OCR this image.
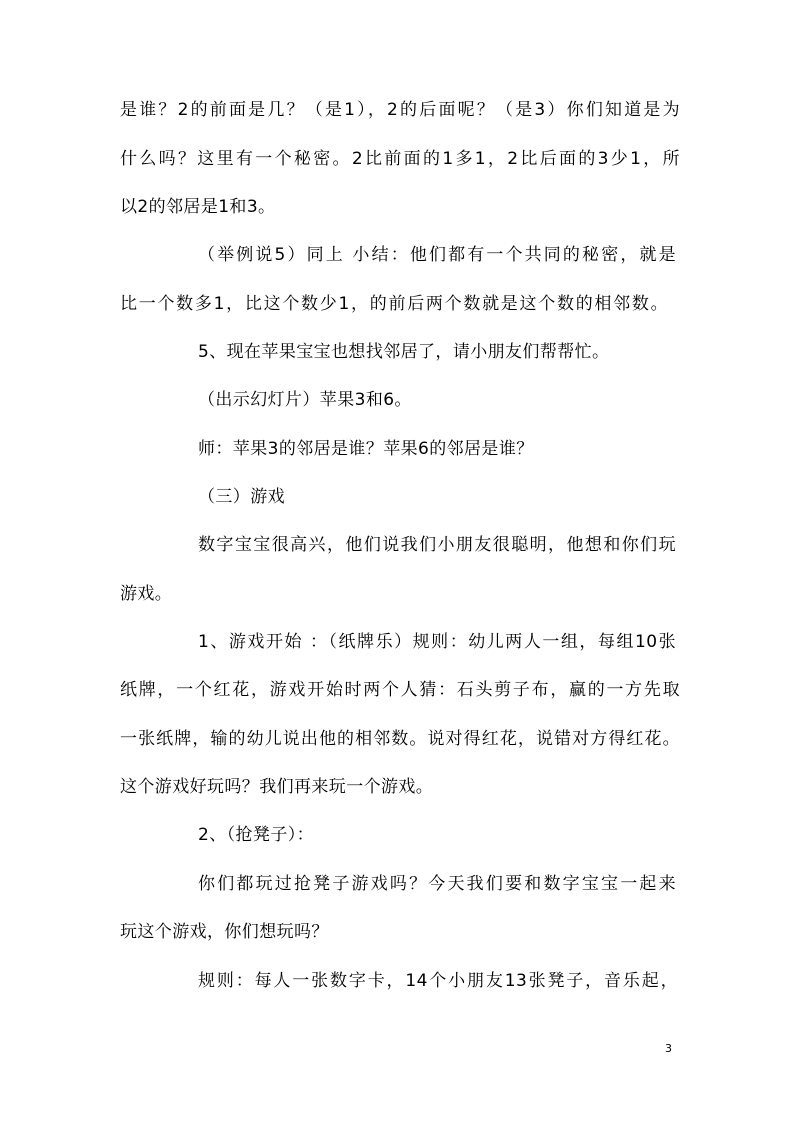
是谁？2的前面是几？（是1），2的后面呢？（是3）你们知道是为
什么吗？这里有一个秘密。2比前面的1多1，2比后面的3少1，所
以2的邻居是1和3。
（举例说5）同上 小结：他们都有一个共同的秘密，就是
比一个数多1，比这个数少1，的前后两个数就是这个数的相邻数。
5、现在苹果宝宝也想找邻居了，请小朋友们帮帮忙。
（出示幻灯片）苹果3和6。
师：苹果3的邻居是谁？苹果6的邻居是谁？
（三）游戏
数字宝宝很高兴，他们说我们小朋友很聪明，他想和你们玩
游戏。
1、游戏开始 ：（纸牌乐）规则：幼儿两人一组，每组10张
纸牌，一个红花，游戏开始时两个人猜：石头剪子布，赢的一方先取
一张纸牌，输的幼儿说出他的相邻数。说对得红花，说错对方得红花。
这个游戏好玩吗？我们再来玩一个游戏。
2、（抢凳子）：
你们都玩过抢凳子游戏吗？今天我们要和数字宝宝一起来
玩这个游戏，你们想玩吗？
规则：每人一张数字卡，14个小朋友13张凳子，音乐起，
3
